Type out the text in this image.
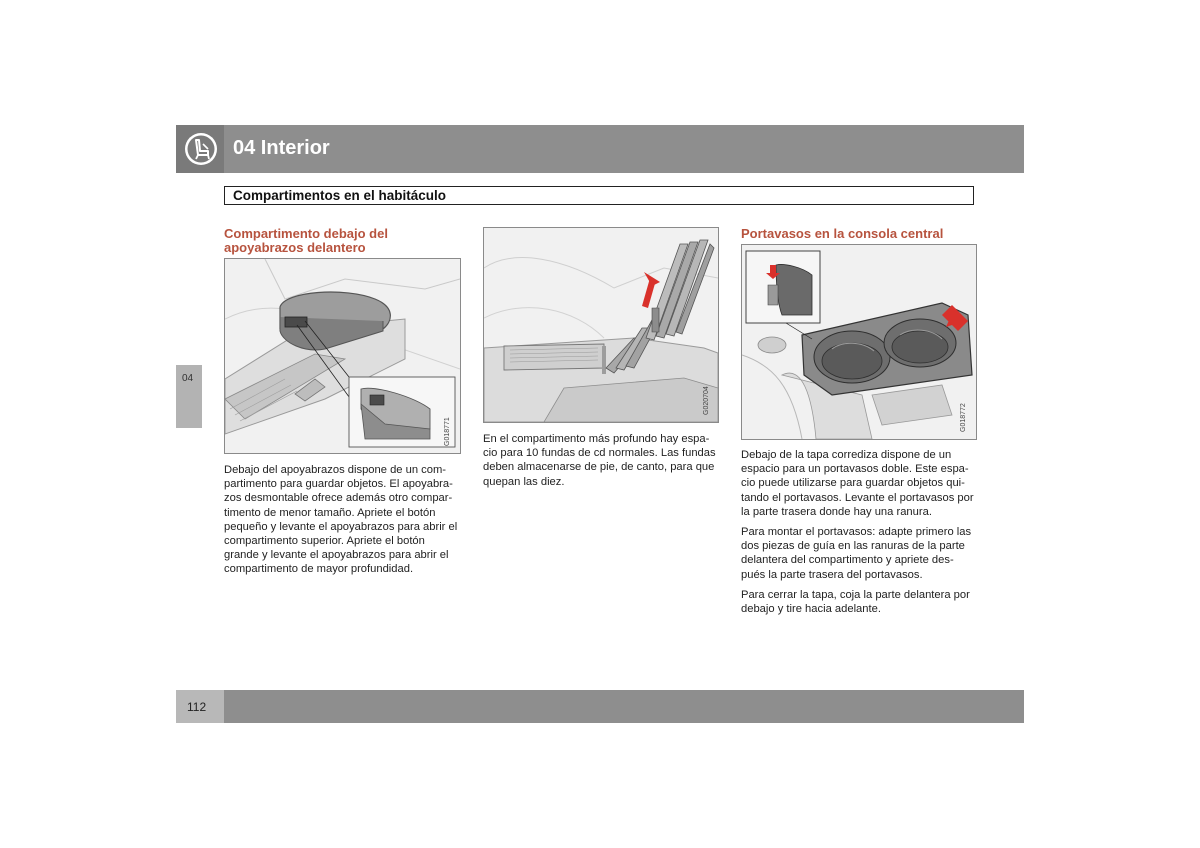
04 Interior
Compartimentos en el habitáculo
04
Compartimento debajo del
apoyabrazos delantero
G018771
Debajo del apoyabrazos dispone de un com-
partimento para guardar objetos. El apoyabra-
zos desmontable ofrece además otro compar-
timento de menor tamaño. Apriete el botón
pequeño y levante el apoyabrazos para abrir el
compartimento superior. Apriete el botón
grande y levante el apoyabrazos para abrir el
compartimento de mayor profundidad.
G020704
En el compartimento más profundo hay espa-
cio para 10 fundas de cd normales. Las fundas
deben almacenarse de pie, de canto, para que
quepan las diez.
Portavasos en la consola central
G018772

Debajo de la tapa corrediza dispone de un
espacio para un portavasos doble. Este espa-
cio puede utilizarse para guardar objetos qui-
tando el portavasos. Levante el portavasos por
la parte trasera donde hay una ranura.

Para montar el portavasos: adapte primero las
dos piezas de guía en las ranuras de la parte
delantera del compartimento y apriete des-
pués la parte trasera del portavasos.

Para cerrar la tapa, coja la parte delantera por
debajo y tire hacia adelante.

112
